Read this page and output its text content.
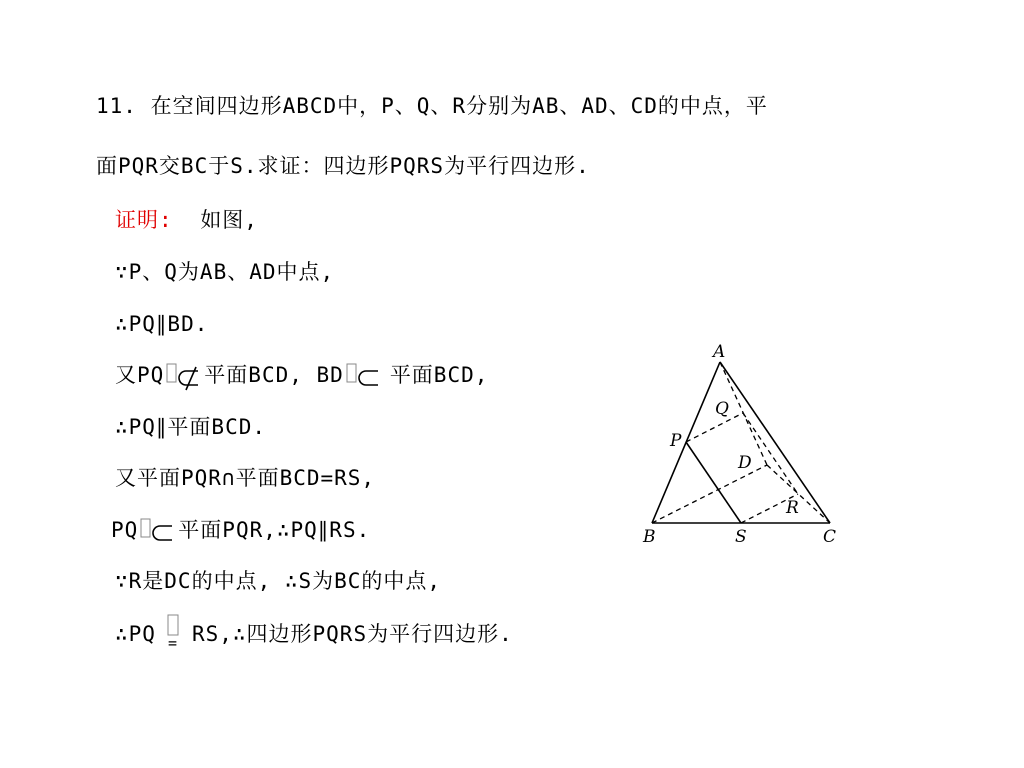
11. 在空间四边形ABCD中，P、Q、R分别为AB、AD、CD的中点，平
面PQR交BC于S.求证：四边形PQRS为平行四边形.
证明: 如图,
∵P、Q为AB、AD中点,
∴PQ∥BD.
又PQ 平面BCD, BD 平面BCD,
∴PQ∥平面BCD.
又平面PQR∩平面BCD=RS,
PQ 平面PQR,∴PQ∥RS.
∵R是DC的中点, ∴S为BC的中点,
∴PQ = RS,∴四边形PQRS为平行四边形.
A
B	C
D
P
Q
R
S
